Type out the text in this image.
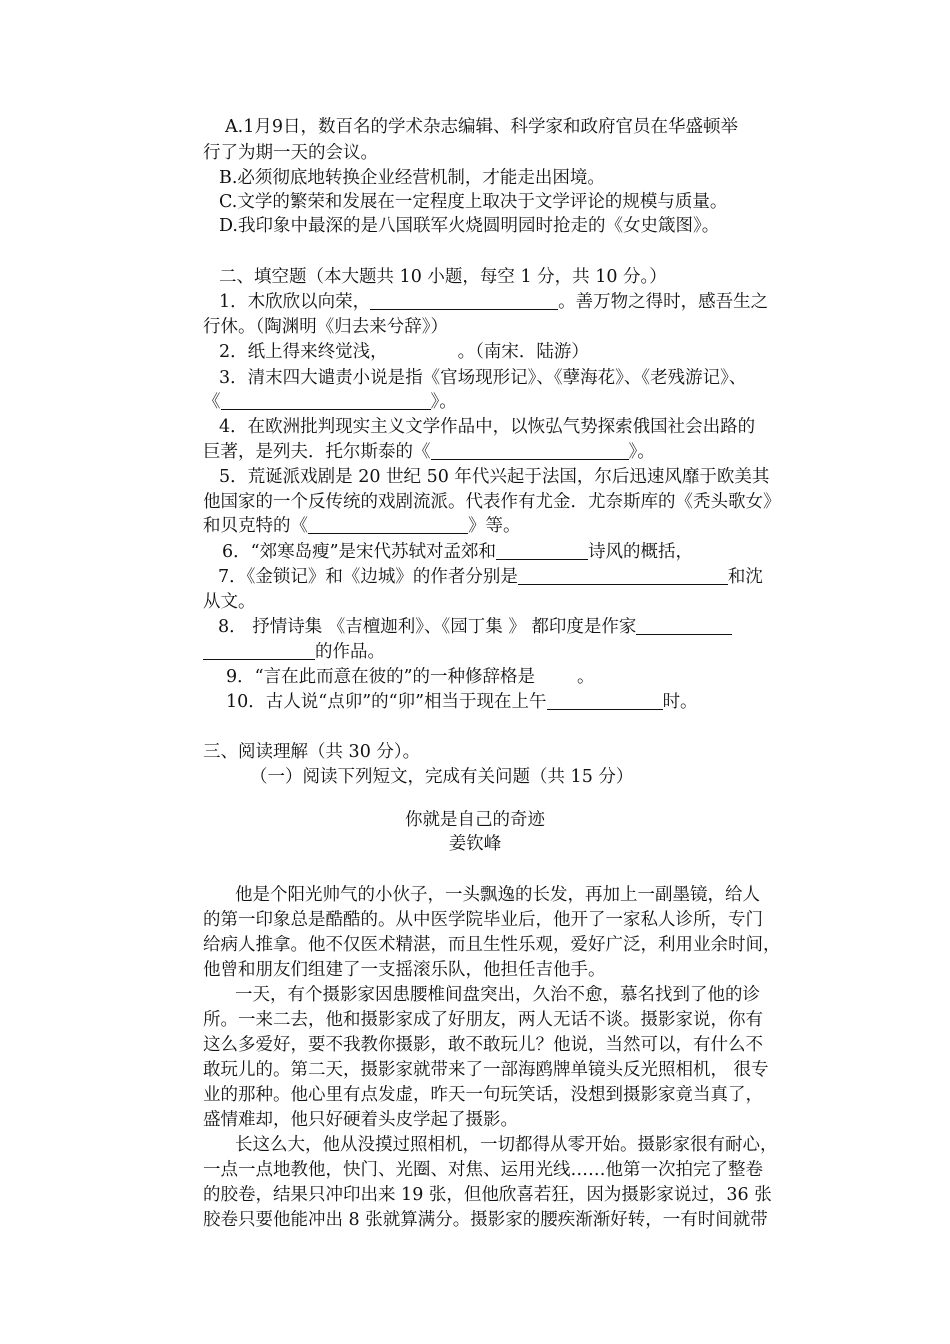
A.1月9日，数百名的学术杂志编辑、科学家和政府官员在华盛顿举
行了为期一天的会议。
B.必须彻底地转换企业经营机制，才能走出困境。
C.文学的繁荣和发展在一定程度上取决于文学评论的规模与质量。
D.我印象中最深的是八国联军火烧圆明园时抢走的《女史箴图》。
二、填空题（本大题共 10 小题，每空 1 分，共 10 分。）
1．木欣欣以向荣，	。善万物之得时，感吾生之
行休。（陶渊明《归去来兮辞》）
2．纸上得来终觉浅，	。（南宋．陆游）
3．清末四大谴责小说是指《官场现形记》、《孽海花》、《老残游记》、
《	》。
4．在欧洲批判现实主义文学作品中，以恢弘气势探索俄国社会出路的
巨著，是列夫．托尔斯泰的《	》。
5．荒诞派戏剧是 20 世纪 50 年代兴起于法国，尔后迅速风靡于欧美其
他国家的一个反传统的戏剧流派。代表作有尤金．尤奈斯库的《秃头歌女》
和贝克特的《	》等。
6．“郊寒岛瘦”是宋代苏轼对孟郊和	诗风的概括，
7．《金锁记》和《边城》的作者分别是	和沈
从文。
8． 抒情诗集 《吉檀迦利》、《园丁集 》 都印度是作家
的作品。
9．“言在此而意在彼的”的一种修辞格是 。
10．古人说“点卯”的“卯”相当于现在上午	时。
三、阅读理解（共 30 分）。
（一）阅读下列短文，完成有关问题（共 15 分）
你就是自己的奇迹
姜钦峰
他是个阳光帅气的小伙子，一头飘逸的长发，再加上一副墨镜，给人
的第一印象总是酷酷的。从中医学院毕业后，他开了一家私人诊所，专门
给病人推拿。他不仅医术精湛，而且生性乐观，爱好广泛，利用业余时间，
他曾和朋友们组建了一支摇滚乐队，他担任吉他手。
一天，有个摄影家因患腰椎间盘突出，久治不愈，慕名找到了他的诊
所。一来二去，他和摄影家成了好朋友，两人无话不谈。摄影家说，你有
这么多爱好，要不我教你摄影，敢不敢玩儿？他说，当然可以，有什么不
敢玩儿的。第二天，摄影家就带来了一部海鸥牌单镜头反光照相机， 很专
业的那种。他心里有点发虚，昨天一句玩笑话，没想到摄影家竟当真了，
盛情难却，他只好硬着头皮学起了摄影。
长这么大，他从没摸过照相机，一切都得从零开始。摄影家很有耐心，
一点一点地教他，快门、光圈、对焦、运用光线……他第一次拍完了整卷
的胶卷，结果只冲印出来 19 张，但他欣喜若狂，因为摄影家说过，36 张
胶卷只要他能冲出 8 张就算满分。摄影家的腰疾渐渐好转，一有时间就带
